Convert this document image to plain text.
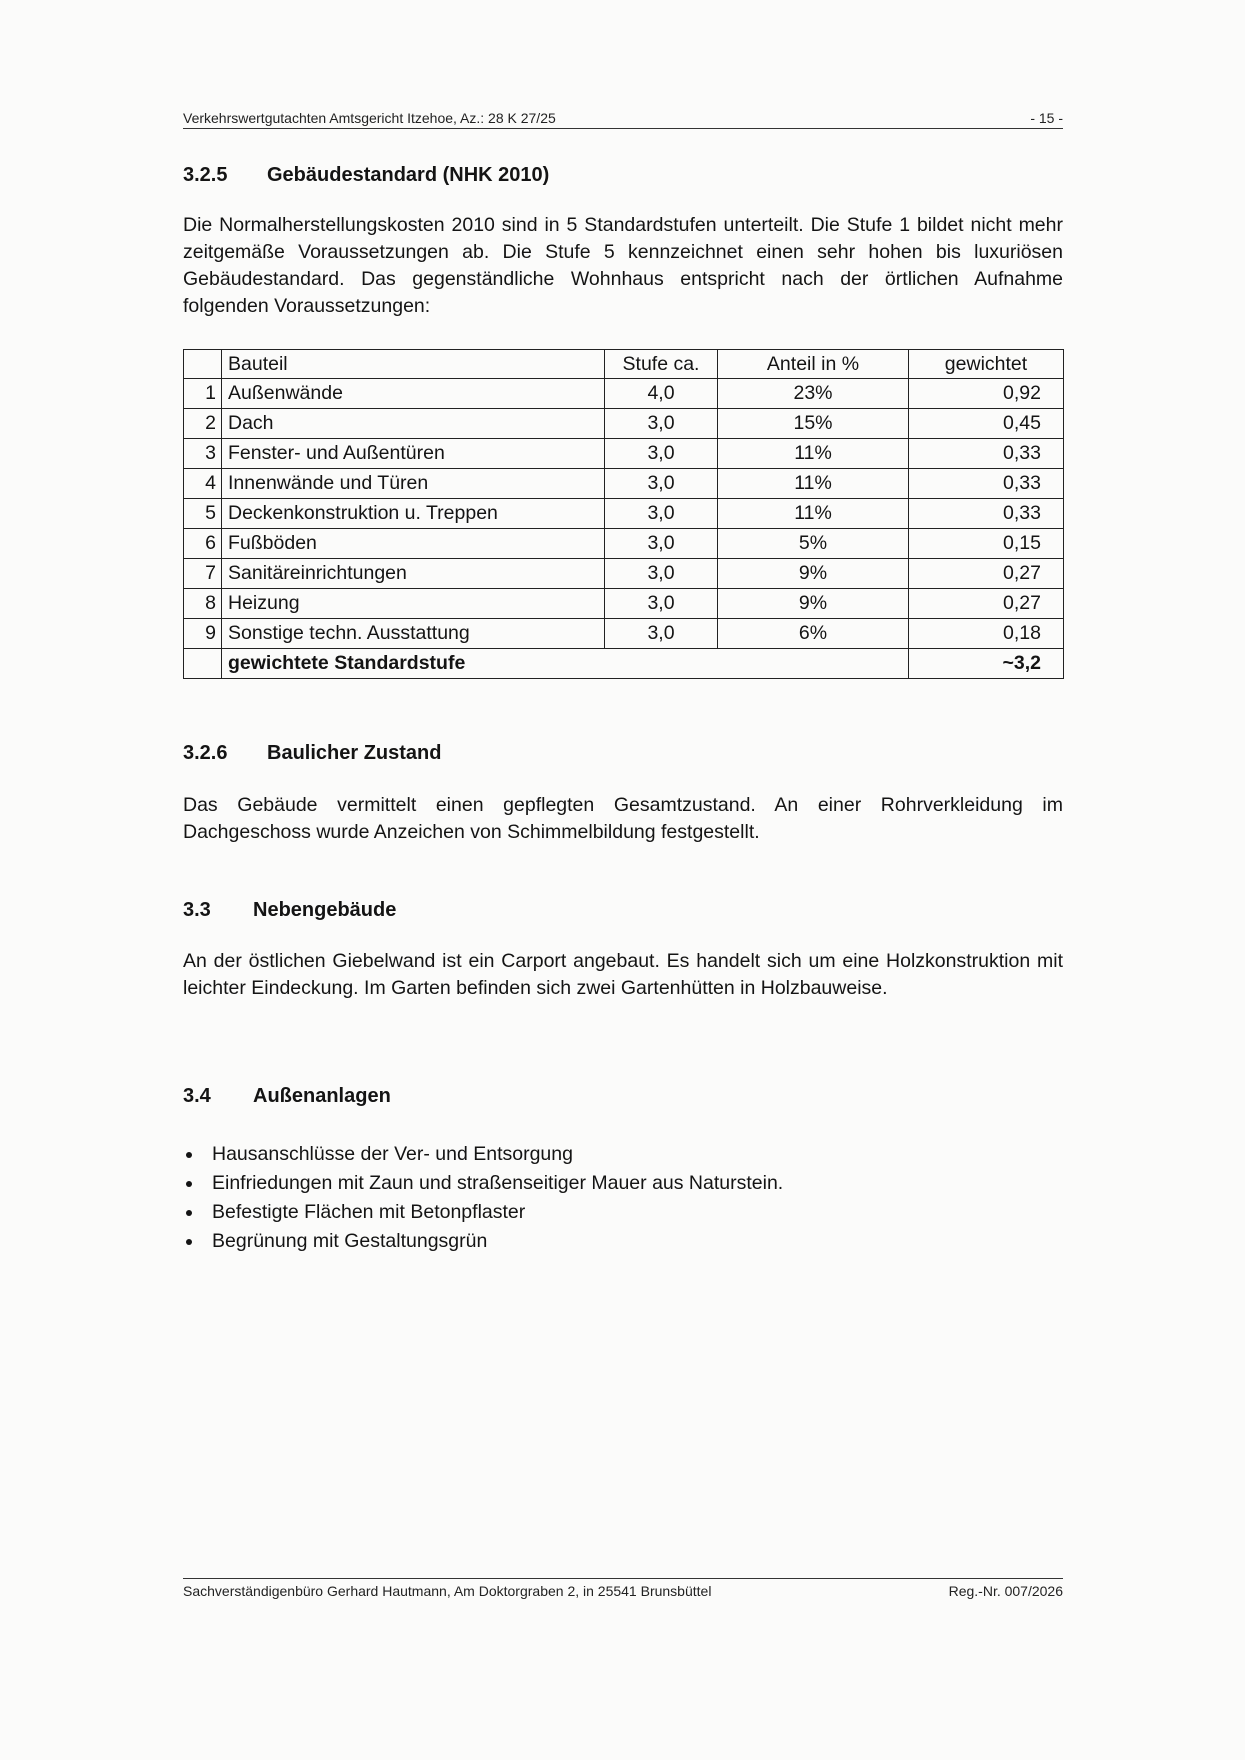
Verkehrswertgutachten Amtsgericht Itzehoe, Az.: 28 K 27/25	- 15 -
3.2.5 Gebäudestandard (NHK 2010)
Die Normalherstellungskosten 2010 sind in 5 Standardstufen unterteilt. Die Stufe 1 bildet nicht mehr zeitgemäße Voraussetzungen ab. Die Stufe 5 kennzeichnet einen sehr hohen bis luxuriösen Gebäudestandard. Das gegenständliche Wohnhaus entspricht nach der örtlichen Aufnahme folgenden Voraussetzungen:
	Bauteil	Stufe ca.	Anteil in %	gewichtet
1	Außenwände	4,0	23%	0,92
2	Dach	3,0	15%	0,45
3	Fenster- und Außentüren	3,0	11%	0,33
4	Innenwände und Türen	3,0	11%	0,33
5	Deckenkonstruktion u. Treppen	3,0	11%	0,33
6	Fußböden	3,0	5%	0,15
7	Sanitäreinrichtungen	3,0	9%	0,27
8	Heizung	3,0	9%	0,27
9	Sonstige techn. Ausstattung	3,0	6%	0,18
	gewichtete Standardstufe			~3,2
3.2.6 Baulicher Zustand
Das Gebäude vermittelt einen gepflegten Gesamtzustand. An einer Rohrverkleidung im Dachgeschoss wurde Anzeichen von Schimmelbildung festgestellt.
3.3 Nebengebäude
An der östlichen Giebelwand ist ein Carport angebaut. Es handelt sich um eine Holzkonstruktion mit leichter Eindeckung. Im Garten befinden sich zwei Gartenhütten in Holzbauweise.
3.4 Außenanlagen
Hausanschlüsse der Ver- und Entsorgung
Einfriedungen mit Zaun und straßenseitiger Mauer aus Naturstein.
Befestigte Flächen mit Betonpflaster
Begrünung mit Gestaltungsgrün
Sachverständigenbüro Gerhard Hautmann, Am Doktorgraben 2, in 25541 Brunsbüttel	Reg.-Nr. 007/2026
